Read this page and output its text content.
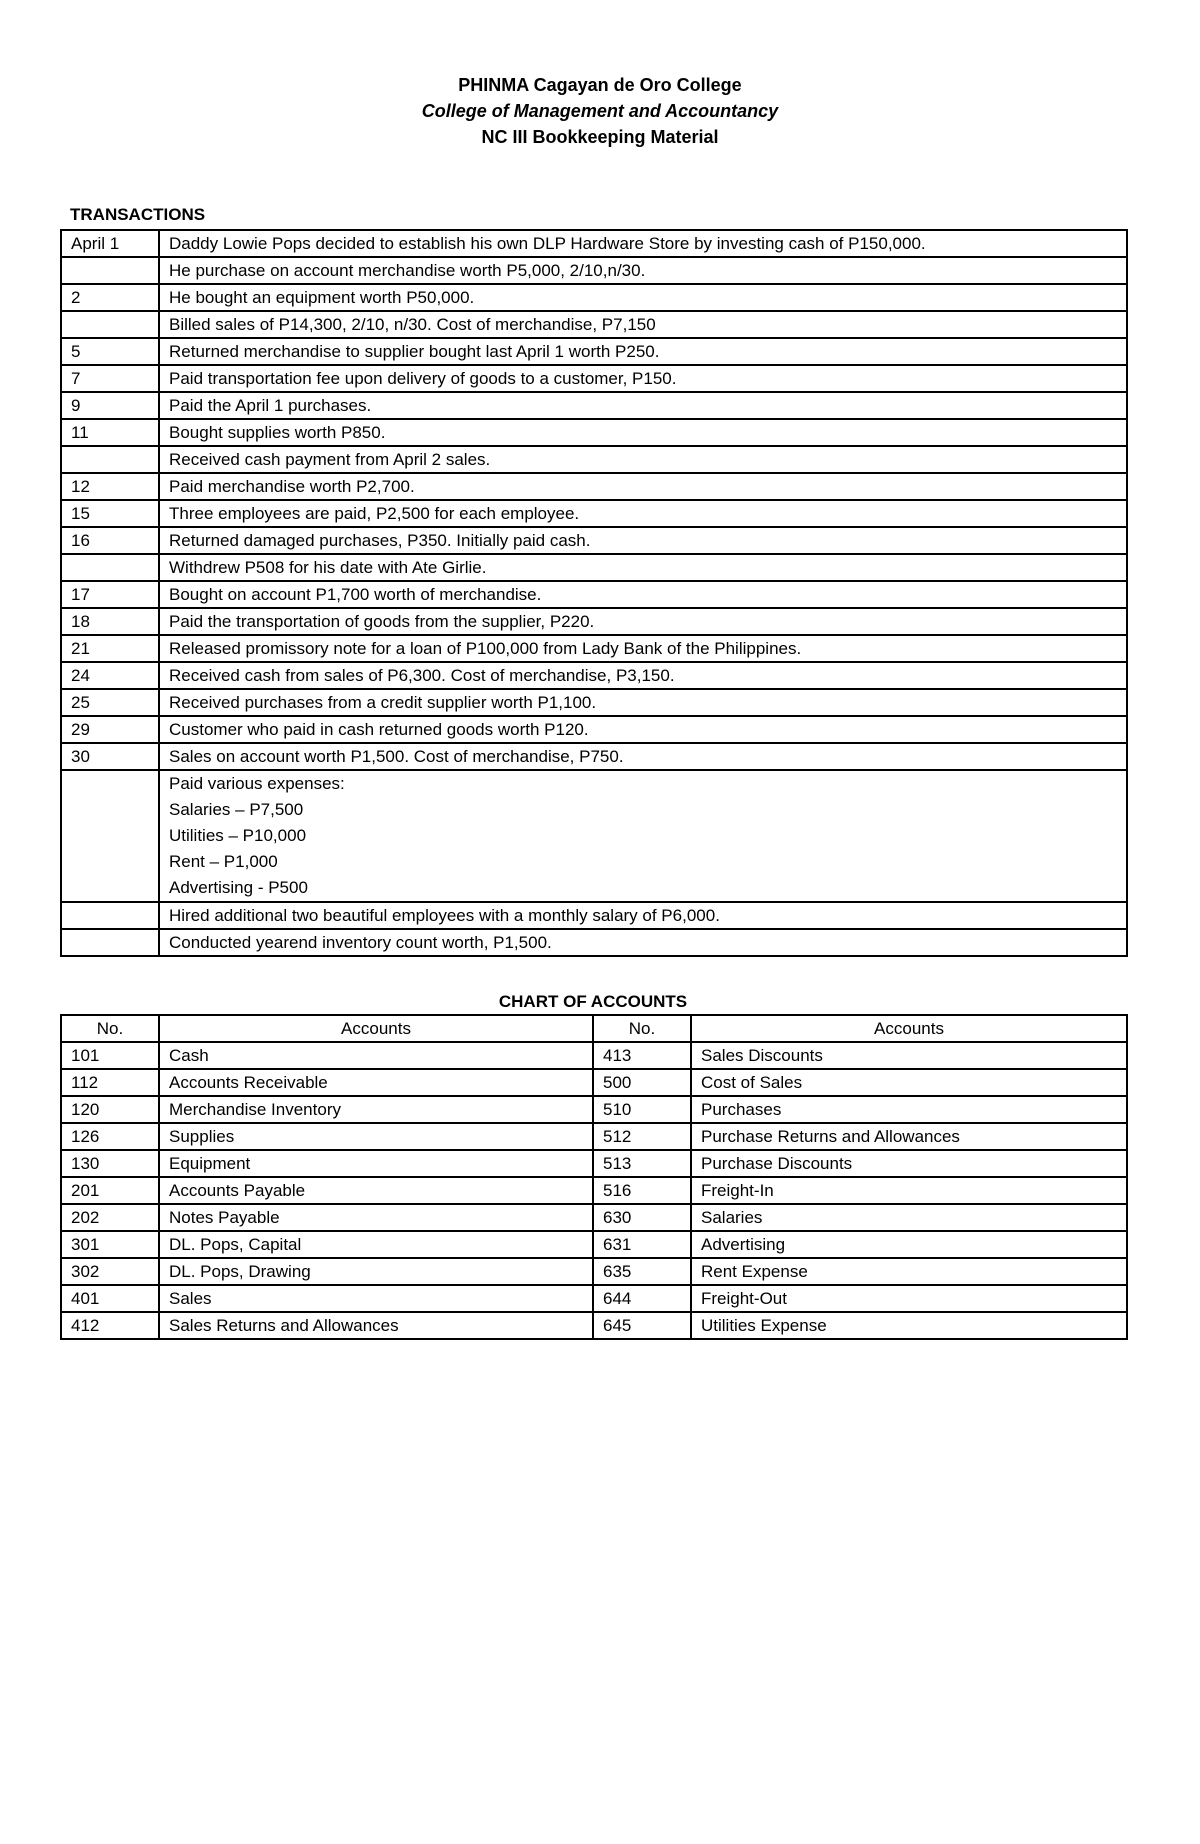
PHINMA Cagayan de Oro College
College of Management and Accountancy
NC III Bookkeeping Material
TRANSACTIONS
April 1	Daddy Lowie Pops decided to establish his own DLP Hardware Store by investing cash of P150,000.
	He purchase on account merchandise worth P5,000, 2/10,n/30.
2	He bought an equipment worth P50,000.
	Billed sales of P14,300, 2/10, n/30. Cost of merchandise, P7,150
5	Returned merchandise to supplier bought last April 1 worth P250.
7	Paid transportation fee upon delivery of goods to a customer, P150.
9	Paid the April 1 purchases.
11	Bought supplies worth P850.
	Received cash payment from April 2 sales.
12	Paid merchandise worth P2,700.
15	Three employees are paid, P2,500 for each employee.
16	Returned damaged purchases, P350. Initially paid cash.
	Withdrew P508 for his date with Ate Girlie.
17	Bought on account P1,700 worth of merchandise.
18	Paid the transportation of goods from the supplier, P220.
21	Released promissory note for a loan of P100,000 from Lady Bank of the Philippines.
24	Received cash from sales of P6,300. Cost of merchandise, P3,150.
25	Received purchases from a credit supplier worth P1,100.
29	Customer who paid in cash returned goods worth P120.
30	Sales on account worth P1,500. Cost of merchandise, P750.

	Paid various expenses:
Salaries – P7,500
Utilities – P10,000
Rent – P1,000
Advertising - P500

	Hired additional two beautiful employees with a monthly salary of P6,000.
	Conducted yearend inventory count worth, P1,500.
CHART OF ACCOUNTS
No.	Accounts	No.	Accounts
101	Cash	413	Sales Discounts
112	Accounts Receivable	500	Cost of Sales
120	Merchandise Inventory	510	Purchases
126	Supplies	512	Purchase Returns and Allowances
130	Equipment	513	Purchase Discounts
201	Accounts Payable	516	Freight-In
202	Notes Payable	630	Salaries
301	DL. Pops, Capital	631	Advertising
302	DL. Pops, Drawing	635	Rent Expense
401	Sales	644	Freight-Out
412	Sales Returns and Allowances	645	Utilities Expense
